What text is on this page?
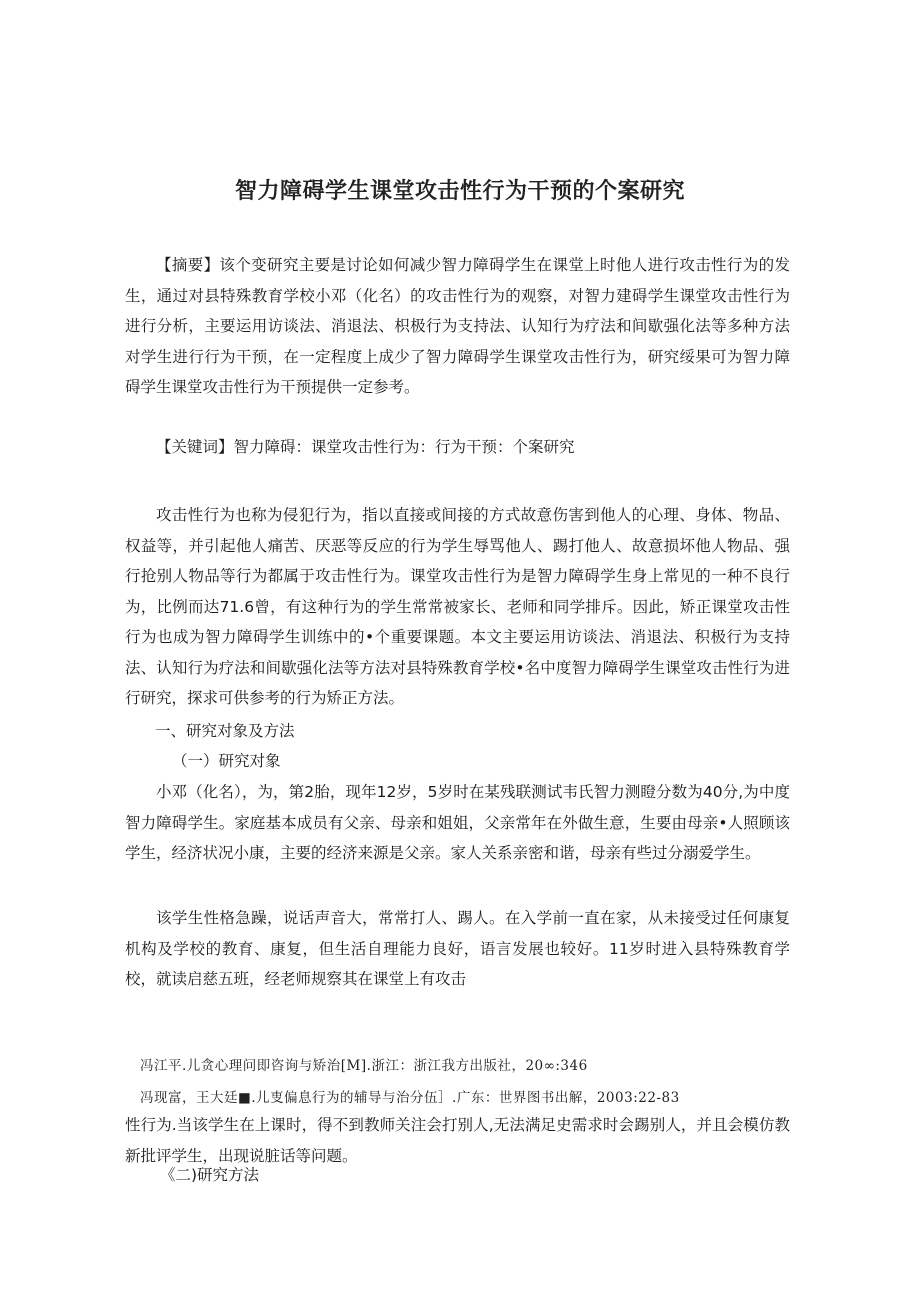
智力障碍学生课堂攻击性行为干预的个案研究

【摘要】该个变研究主要是讨论如何减少智力障碍学生在课堂上时他人进行攻击性行为的发生，通过对县特殊教育学校小邓（化名）的攻击性行为的观察，对智力建碍学生课堂攻击性行为进行分析，主要运用访谈法、消退法、枳极行为支持法、认知行为疗法和间歇强化法等多种方法对学生进行行为干预，在一定程度上成少了智力障碍学生课堂攻击性行为，研究绥果可为智力障碍学生课堂攻击性行为干预提供一定参考。

【关键词】智力障碍：课堂攻击性行为：行为干预：个案研究

攻击性行为也称为侵犯行为，指以直接或间接的方式故意伤害到他人的心理、身体、物品、权益等，并引起他人痛苦、厌恶等反应的行为学生辱骂他人、踢打他人、故意损坏他人物品、强行抢别人物品等行为都属于攻击性行为。课堂攻击性行为是智力障碍学生身上常见的一种不良行为，比例而达71.6曾，有这种行为的学生常常被家长、老师和同学排斥。因此，矫正课堂攻击性行为也成为智力障碍学生训练中的•个重要课题。本文主要运用访谈法、消退法、积极行为支持法、认知行为疗法和间歇强化法等方法对县特殊教育学校•名中度智力障碍学生课堂攻击性行为进行研究，探求可供参考的行为矫正方法。

一、研究对象及方法
（一）研究对象

小邓（化名），为，第2胎，现年12岁，5岁时在某残联测试韦氏智力测瞪分数为40分,为中度智力障碍学生。家庭基本成员有父亲、母亲和姐姐，父亲常年在外做生意，生要由母亲•人照顾该学生，经济状况小康，主要的经济来源是父亲。家人关系亲密和谐，母亲有些过分溺爱学生。

该学生性格急躁，说话声音大，常常打人、踢人。在入学前一直在家，从未接受过任何康复机构及学校的教育、康复，但生活自理能力良好，语言发展也较好。11岁时进入县特殊教育学校，就读启慈五班，经老师规察其在课堂上有攻击

冯江平.儿贪心理问即咨询与矫治[M].浙江：浙江我方出版社，20∞:346
冯现富，王大廷■.儿叓偏息行为的辅导与治分伍］.广东：世界图书出解，2003:22-83

性行为.当该学生在上课时，得不到教师关注会打别人,无法满足史需求时会踢别人，并且会模仿教新批评学生，出现说脏话等问题。

《二)研究方法
